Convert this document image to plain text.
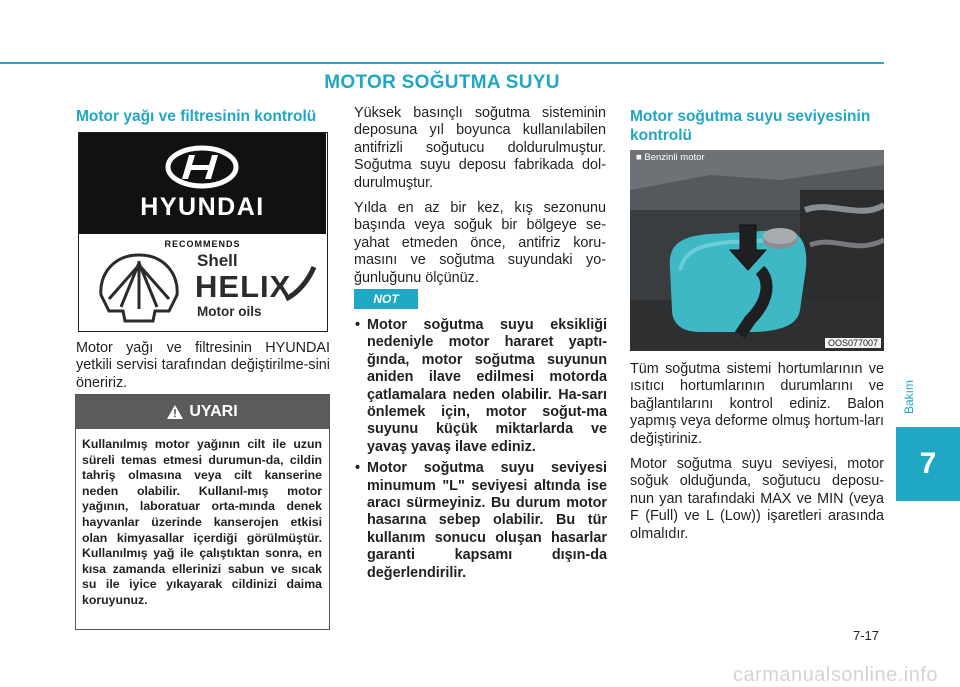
MOTOR SOĞUTMA SUYU
Motor yağı ve filtresinin kontrolü
HYUNDAI
RECOMMENDS
Shell
HELIX
Motor oils

Motor yağı ve filtresinin HYUNDAI yetkili servisi tarafından değiştirilme-sini öneririz.

UYARI
Kullanılmış motor yağının cilt ile uzun süreli temas etmesi durumun-da, cildin tahriş olmasına veya cilt kanserine neden olabilir. Kullanıl-mış motor yağının, laboratuar orta-mında denek hayvanlar üzerinde kanserojen etkisi olan kimyasallar içerdiği görülmüştür. Kullanılmış yağ ile çalıştıktan sonra, en kısa zamanda ellerinizi sabun ve sıcak su ile iyice yıkayarak cildinizi daima koruyunuz.

Yüksek basınçlı soğutma sisteminin deposuna yıl boyunca kullanılabilen antifrizli soğutucu doldurulmuştur. Soğutma suyu deposu fabrikada dol-durulmuştur.

Yılda en az bir kez, kış sezonunu başında veya soğuk bir bölgeye se-yahat etmeden önce, antifriz koru-masını ve soğutma suyundaki yo-ğunluğunu ölçünüz.

NOT
• Motor soğutma suyu eksikliği nedeniyle motor hararet yaptı-ğında, motor soğutma suyunun aniden ilave edilmesi motorda çatlamalara neden olabilir. Ha-sarı önlemek için, motor soğut-ma suyunu küçük miktarlarda ve yavaş yavaş ilave ediniz.
• Motor soğutma suyu seviyesi minumum "L" seviyesi altında ise aracı sürmeyiniz. Bu durum motor hasarına sebep olabilir. Bu tür kullanım sonucu oluşan hasarlar garanti kapsamı dışın-da değerlendirilir.
Motor soğutma suyu seviyesinin kontrolü
■ Benzinli motor
OOS077007

Tüm soğutma sistemi hortumlarının ve ısıtıcı hortumlarının durumlarını ve bağlantılarını kontrol ediniz. Balon yapmış veya deforme olmuş hortum-ları değiştiriniz.

Motor soğutma suyu seviyesi, motor soğuk olduğunda, soğutucu deposu-nun yan tarafındaki MAX ve MIN (veya F (Full) ve L (Low)) işaretleri arasında olmalıdır.

Bakım
7
7-17
carmanualsonline.info
